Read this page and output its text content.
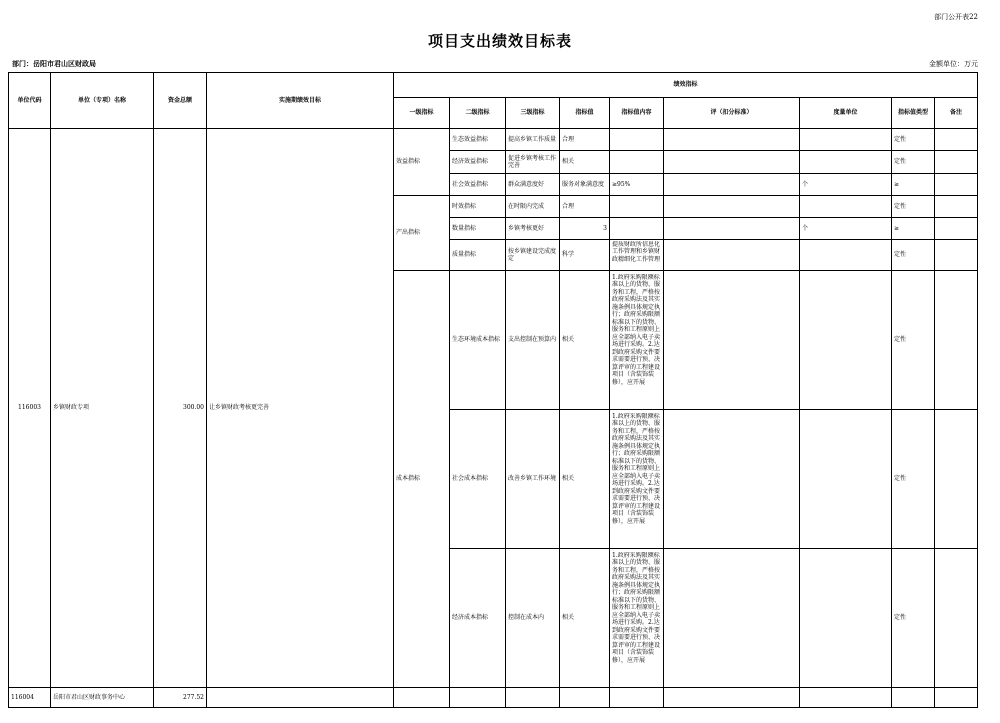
部门公开表22
项目支出绩效目标表
部门：岳阳市君山区财政局	金额单位：万元
单位代码	单位（专项）名称	资金总额	实施期绩效目标	绩效指标								
				一级指标	二级指标	三级指标	指标值	指标值内容	评（扣分标准）	度量单位	指标值类型	备注
116003	乡镇财政专项	300.00	让乡镇财政考核更完善	效益指标	生态效益指标	提高乡镇工作质量	合理				定性	
					经济效益指标	促进乡镇考核工作完善	相关				定性	
					社会效益指标	群众满意度好	服务对象满意度	≥95%		个	≥	
				产出指标	时效指标	在时限内完成	合理				定性	
					数量指标	乡镇考核更好	3			个	≥	
					质量指标	按乡镇建设完成度定	科学	提质财政所信息化工作管理和乡镇财政精细化工作管理			定性	
				成本指标	生态环境成本指标	支出控制在预算内	相关	1.政府采购限额标准以上的货物、服务和工程，严格按政府采购法及其实施条例具体规定执行；政府采购限额标准以下的货物、服务和工程原则上应全部纳入电子卖场进行采购。2.达到政府采购文件要求需要进行预、决算评审的工程建设项目（含装饰装修），应开展			定性	
					社会成本指标	改善乡镇工作环境	相关	1.政府采购限额标准以上的货物、服务和工程，严格按政府采购法及其实施条例具体规定执行；政府采购限额标准以下的货物、服务和工程原则上应全部纳入电子卖场进行采购。2.达到政府采购文件要求需要进行预、决算评审的工程建设项目（含装饰装修），应开展			定性	
					经济成本指标	控制在成本内	相关	1.政府采购限额标准以上的货物、服务和工程，严格按政府采购法及其实施条例具体规定执行；政府采购限额标准以下的货物、服务和工程原则上应全部纳入电子卖场进行采购。2.达到政府采购文件要求需要进行预、决算评审的工程建设项目（含装饰装修），应开展			定性	
116004	岳阳市君山区财政事务中心	277.52										
